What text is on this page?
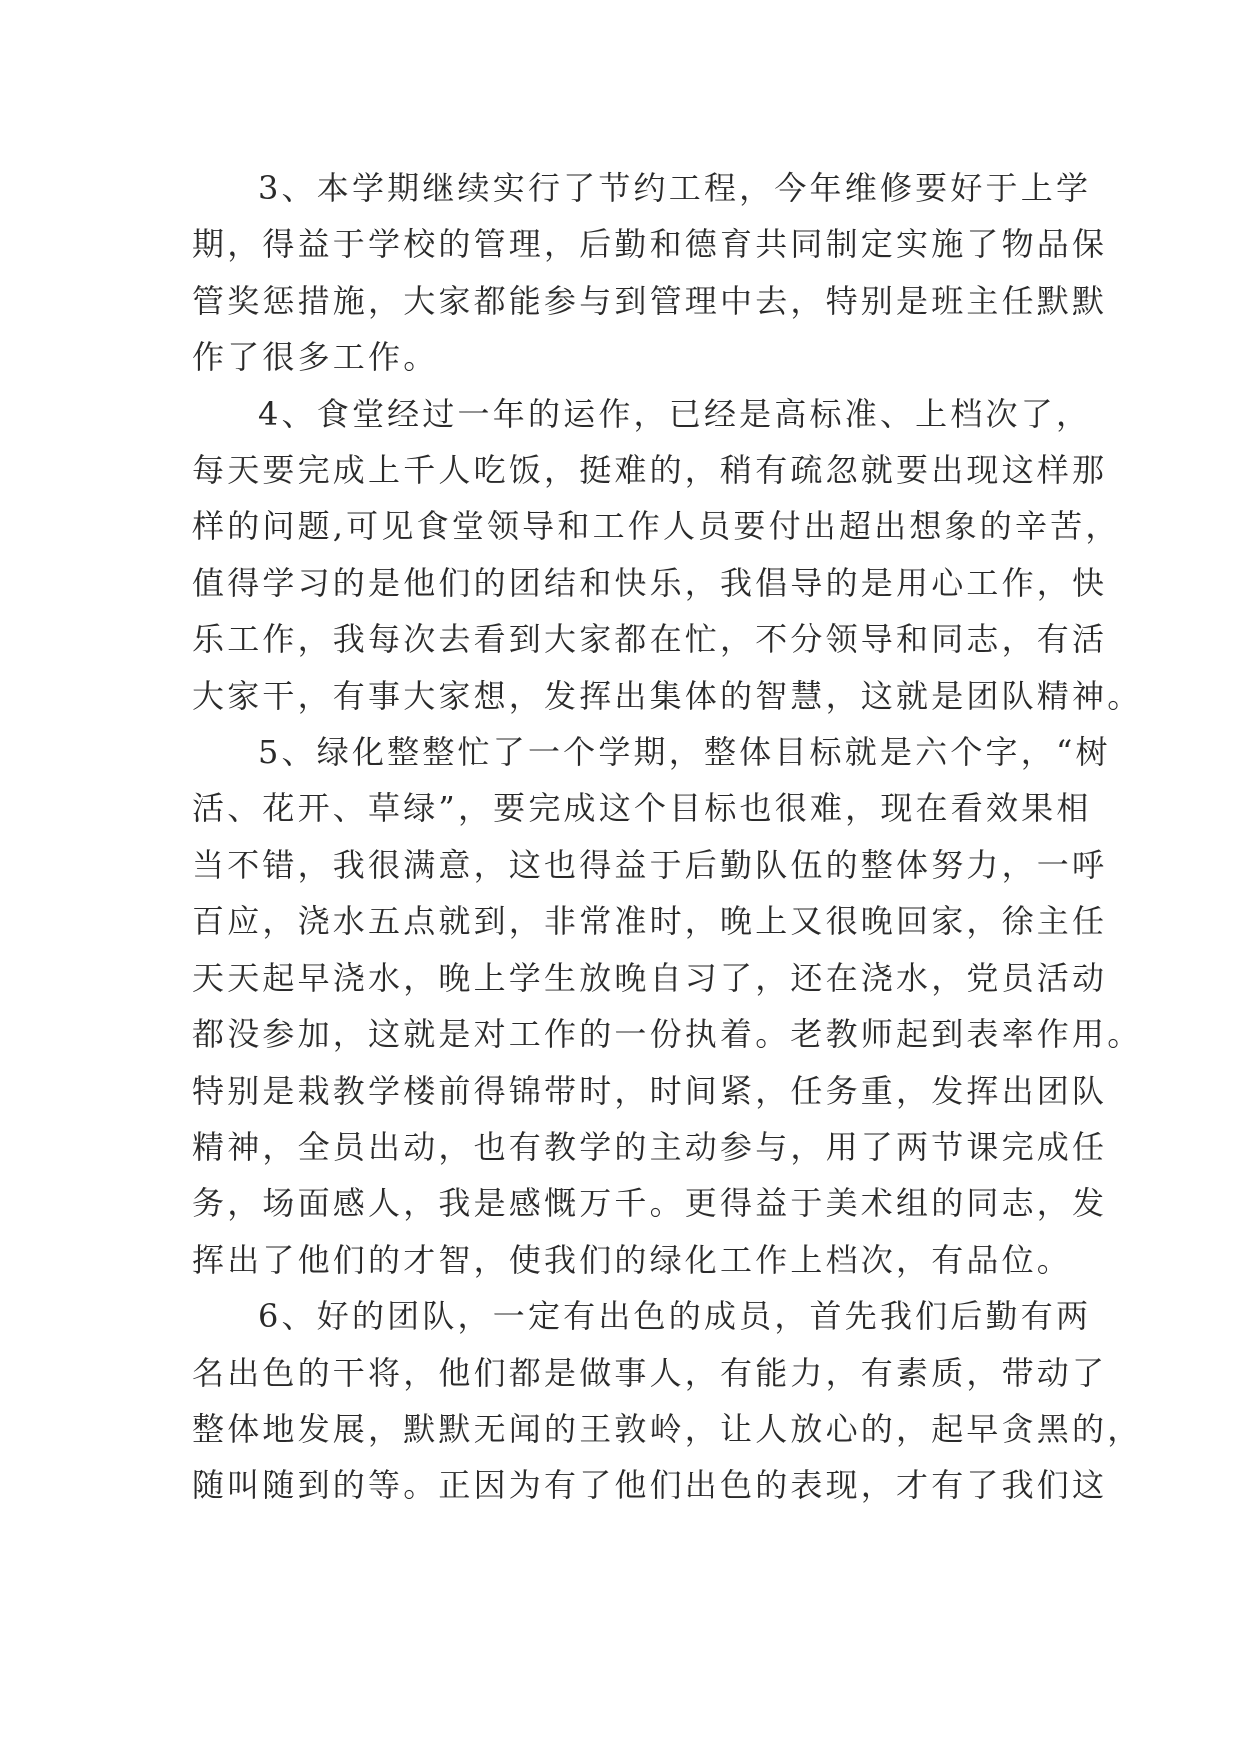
3、本学期继续实行了节约工程，今年维修要好于上学
期，得益于学校的管理，后勤和德育共同制定实施了物品保
管奖惩措施，大家都能参与到管理中去，特别是班主任默默
作了很多工作。
4、食堂经过一年的运作，已经是高标准、上档次了，
每天要完成上千人吃饭，挺难的，稍有疏忽就要出现这样那
样的问题,可见食堂领导和工作人员要付出超出想象的辛苦，
值得学习的是他们的团结和快乐，我倡导的是用心工作，快
乐工作，我每次去看到大家都在忙，不分领导和同志，有活
大家干，有事大家想，发挥出集体的智慧，这就是团队精神。
5、绿化整整忙了一个学期，整体目标就是六个字，“树
活、花开、草绿”，要完成这个目标也很难，现在看效果相
当不错，我很满意，这也得益于后勤队伍的整体努力，一呼
百应，浇水五点就到，非常准时，晚上又很晚回家，徐主任
天天起早浇水，晚上学生放晚自习了，还在浇水，党员活动
都没参加，这就是对工作的一份执着。老教师起到表率作用。
特别是栽教学楼前得锦带时，时间紧，任务重，发挥出团队
精神，全员出动，也有教学的主动参与，用了两节课完成任
务，场面感人，我是感慨万千。更得益于美术组的同志，发
挥出了他们的才智，使我们的绿化工作上档次，有品位。
6、好的团队，一定有出色的成员，首先我们后勤有两
名出色的干将，他们都是做事人，有能力，有素质，带动了
整体地发展，默默无闻的王敦岭，让人放心的，起早贪黑的，
随叫随到的等。正因为有了他们出色的表现，才有了我们这
